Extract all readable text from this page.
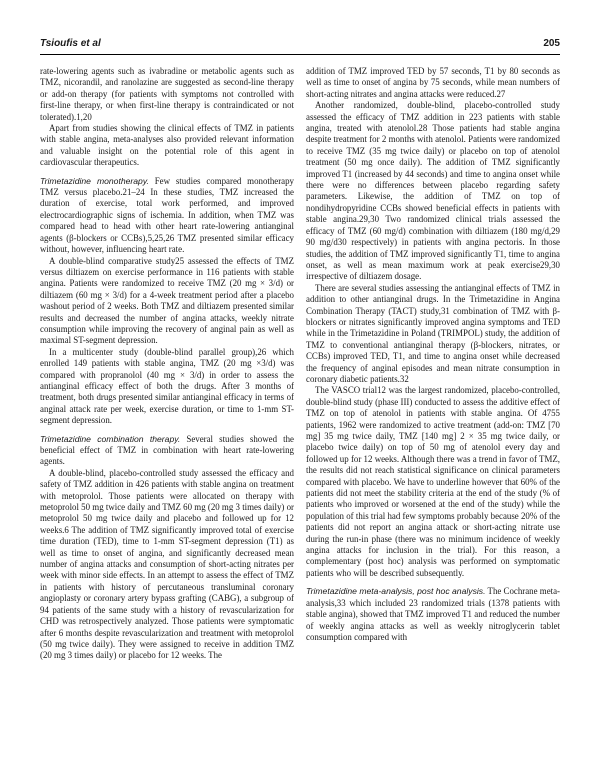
Tsioufis et al	205

rate-lowering agents such as ivabradine or metabolic agents such as TMZ, nicorandil, and ranolazine are suggested as second-line therapy or add-on therapy (for patients with symptoms not controlled with first-line therapy, or when first-line therapy is contraindicated or not tolerated).1,20

Apart from studies showing the clinical effects of TMZ in patients with stable angina, meta-analyses also provided relevant information and valuable insight on the potential role of this agent in cardiovascular therapeutics.

Trimetazidine monotherapy. Few studies compared monotherapy TMZ versus placebo.21–24 In these studies, TMZ increased the duration of exercise, total work performed, and improved electrocardiographic signs of ischemia. In addition, when TMZ was compared head to head with other heart rate-lowering antianginal agents (β-blockers or CCBs),5,25,26 TMZ presented similar efficacy without, however, influencing heart rate.

A double-blind comparative study25 assessed the effects of TMZ versus diltiazem on exercise performance in 116 patients with stable angina. Patients were randomized to receive TMZ (20 mg × 3/d) or diltiazem (60 mg × 3/d) for a 4-week treatment period after a placebo washout period of 2 weeks. Both TMZ and diltiazem presented similar results and decreased the number of angina attacks, weekly nitrate consumption while improving the recovery of anginal pain as well as maximal ST-segment depression.

In a multicenter study (double-blind parallel group),26 which enrolled 149 patients with stable angina, TMZ (20 mg ×3/d) was compared with propranolol (40 mg × 3/d) in order to assess the antianginal efficacy effect of both the drugs. After 3 months of treatment, both drugs presented similar antianginal efficacy in terms of anginal attack rate per week, exercise duration, or time to 1-mm ST-segment depression.

Trimetazidine combination therapy. Several studies showed the beneficial effect of TMZ in combination with heart rate-lowering agents.

A double-blind, placebo-controlled study assessed the efficacy and safety of TMZ addition in 426 patients with stable angina on treatment with metoprolol. Those patients were allocated on therapy with metoprolol 50 mg twice daily and TMZ 60 mg (20 mg 3 times daily) or metoprolol 50 mg twice daily and placebo and followed up for 12 weeks.6 The addition of TMZ significantly improved total of exercise time duration (TED), time to 1-mm ST-segment depression (T1) as well as time to onset of angina, and significantly decreased mean number of angina attacks and consumption of short-acting nitrates per week with minor side effects. In an attempt to assess the effect of TMZ in patients with history of percutaneous transluminal coronary angioplasty or coronary artery bypass grafting (CABG), a subgroup of 94 patients of the same study with a history of revascularization for CHD was retrospectively analyzed. Those patients were symptomatic after 6 months despite revascularization and treatment with metoprolol (50 mg twice daily). They were assigned to receive in addition TMZ (20 mg 3 times daily) or placebo for 12 weeks. The

addition of TMZ improved TED by 57 seconds, T1 by 80 seconds as well as time to onset of angina by 75 seconds, while mean numbers of short-acting nitrates and angina attacks were reduced.27

Another randomized, double-blind, placebo-controlled study assessed the efficacy of TMZ addition in 223 patients with stable angina, treated with atenolol.28 Those patients had stable angina despite treatment for 2 months with atenolol. Patients were randomized to receive TMZ (35 mg twice daily) or placebo on top of atenolol treatment (50 mg once daily). The addition of TMZ significantly improved T1 (increased by 44 seconds) and time to angina onset while there were no differences between placebo regarding safety parameters. Likewise, the addition of TMZ on top of nondihydropyridine CCBs showed beneficial effects in patients with stable angina.29,30 Two randomized clinical trials assessed the efficacy of TMZ (60 mg/d) combination with diltiazem (180 mg/d,29 90 mg/d30 respectively) in patients with angina pectoris. In those studies, the addition of TMZ improved significantly T1, time to angina onset, as well as mean maximum work at peak exercise29,30 irrespective of diltiazem dosage.

There are several studies assessing the antianginal effects of TMZ in addition to other antianginal drugs. In the Trimetazidine in Angina Combination Therapy (TACT) study,31 combination of TMZ with β-blockers or nitrates significantly improved angina symptoms and TED while in the Trimetazidine in Poland (TRIMPOL) study, the addition of TMZ to conventional antianginal therapy (β-blockers, nitrates, or CCBs) improved TED, T1, and time to angina onset while decreased the frequency of anginal episodes and mean nitrate consumption in coronary diabetic patients.32

The VASCO trial12 was the largest randomized, placebo-controlled, double-blind study (phase III) conducted to assess the additive effect of TMZ on top of atenolol in patients with stable angina. Of 4755 patients, 1962 were randomized to active treatment (add-on: TMZ [70 mg] 35 mg twice daily, TMZ [140 mg] 2 × 35 mg twice daily, or placebo twice daily) on top of 50 mg of atenolol every day and followed up for 12 weeks. Although there was a trend in favor of TMZ, the results did not reach statistical significance on clinical parameters compared with placebo. We have to underline however that 60% of the patients did not meet the stability criteria at the end of the study (% of patients who improved or worsened at the end of the study) while the population of this trial had few symptoms probably because 20% of the patients did not report an angina attack or short-acting nitrate use during the run-in phase (there was no minimum incidence of weekly angina attacks for inclusion in the trial). For this reason, a complementary (post hoc) analysis was performed on symptomatic patients who will be described subsequently.

Trimetazidine meta-analysis, post hoc analysis. The Cochrane meta-analysis,33 which included 23 randomized trials (1378 patients with stable angina), showed that TMZ improved T1 and reduced the number of weekly angina attacks as well as weekly nitroglycerin tablet consumption compared with
